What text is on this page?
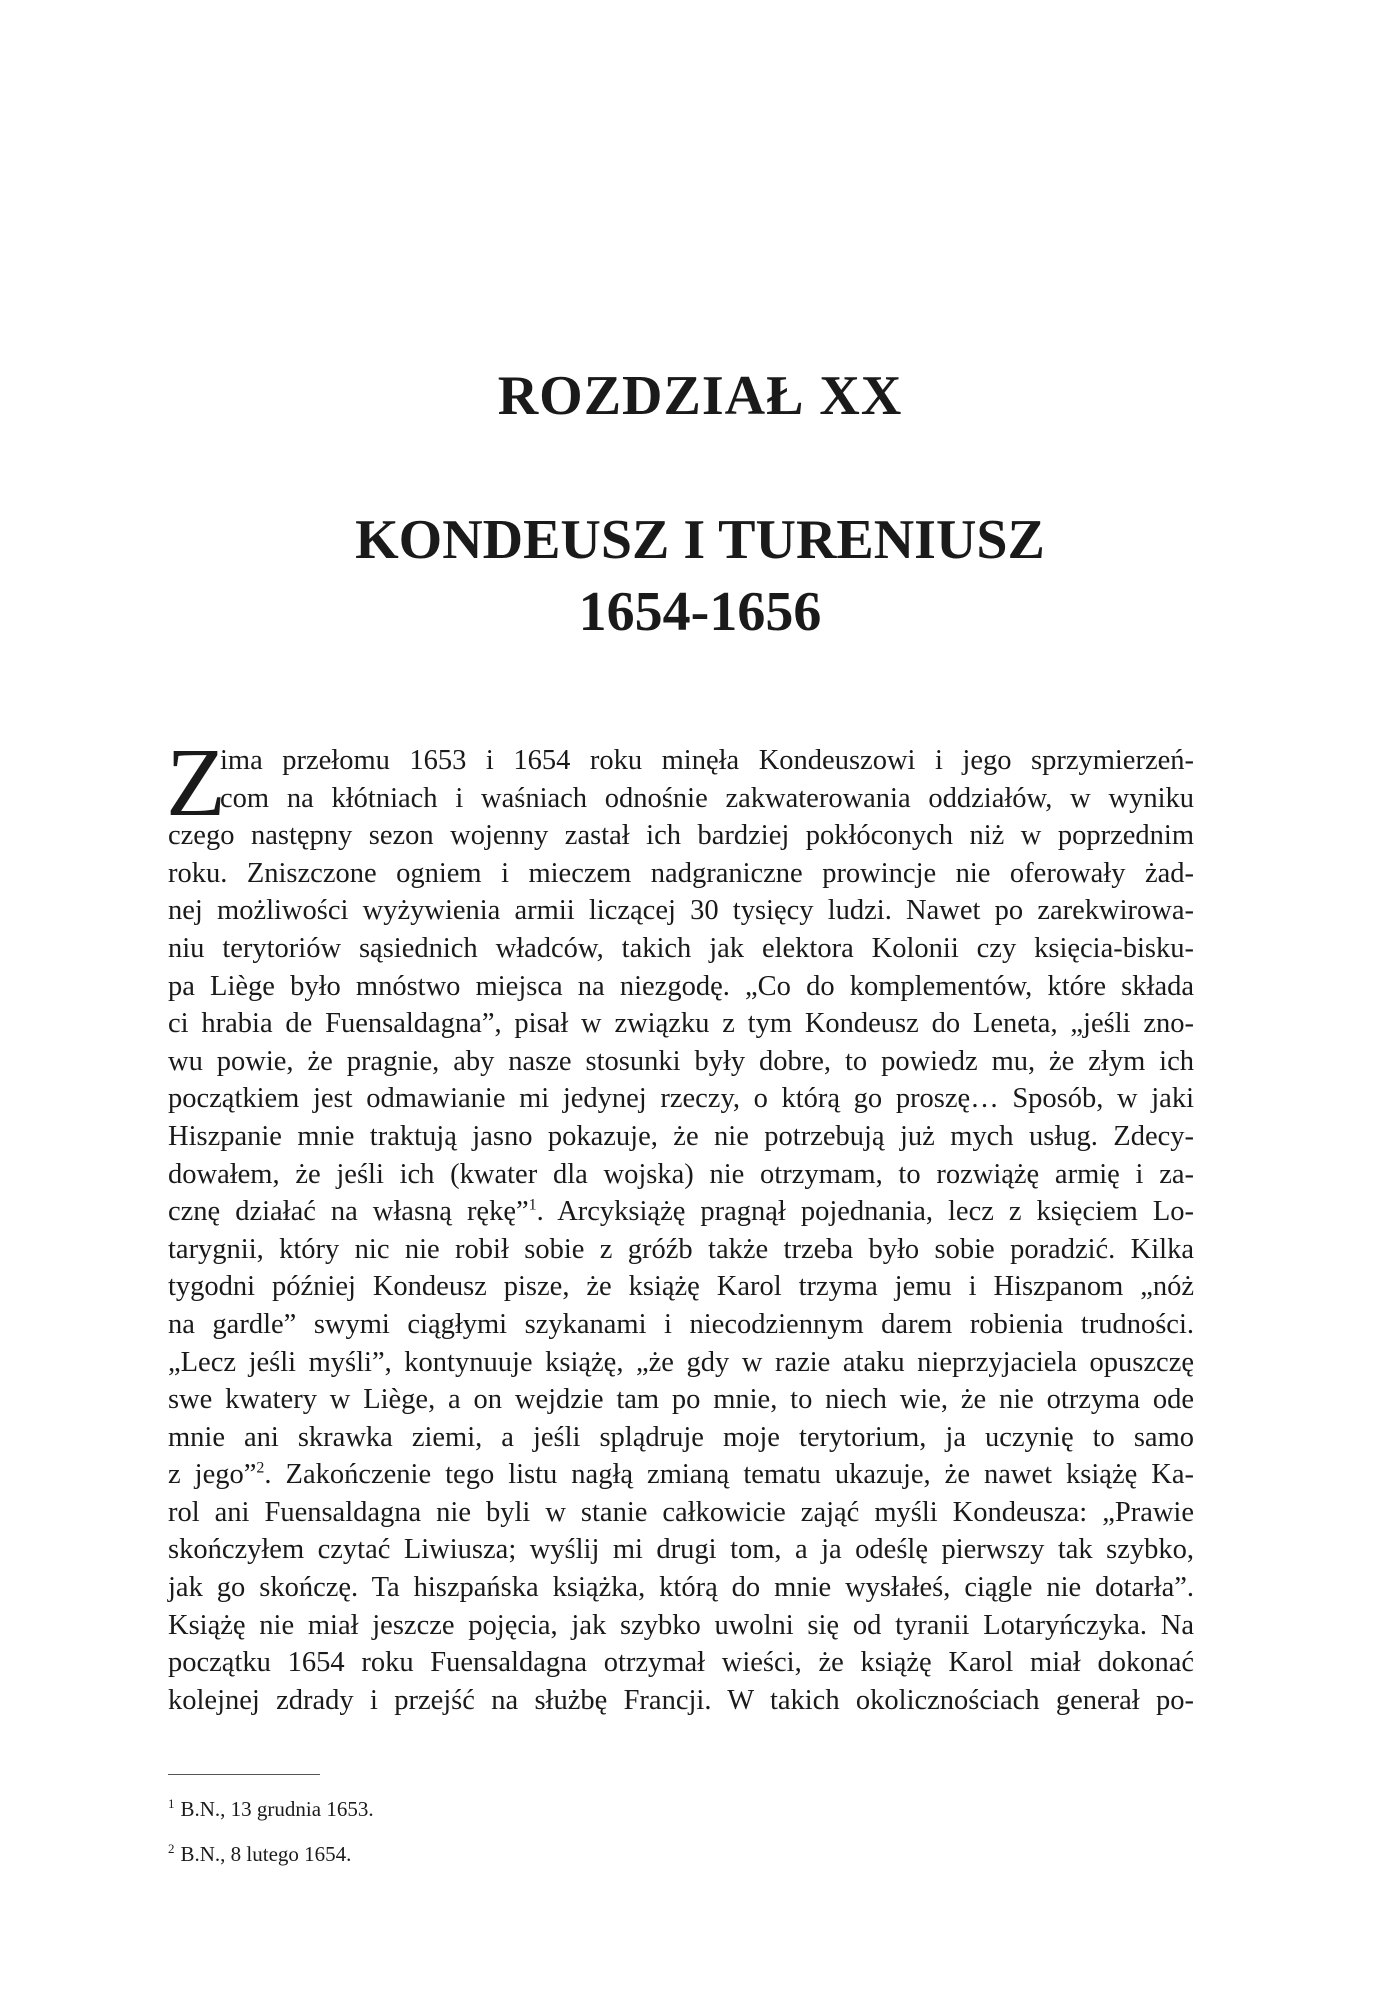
ROZDZIAŁ XX
KONDEUSZ I TURENIUSZ
1654-1656
Z
ima przełomu 1653 i 1654 roku minęła Kondeuszowi i jego sprzymierzeń-
com na kłótniach i waśniach odnośnie zakwaterowania oddziałów, w wyniku
czego następny sezon wojenny zastał ich bardziej pokłóconych niż w poprzednim
roku. Zniszczone ogniem i mieczem nadgraniczne prowincje nie oferowały żad-
nej możliwości wyżywienia armii liczącej 30 tysięcy ludzi. Nawet po zarekwirowa-
niu terytoriów sąsiednich władców, takich jak elektora Kolonii czy księcia-bisku-
pa Liège było mnóstwo miejsca na niezgodę. „Co do komplementów, które składa
ci hrabia de Fuensaldagna”, pisał w związku z tym Kondeusz do Leneta, „jeśli zno-
wu powie, że pragnie, aby nasze stosunki były dobre, to powiedz mu, że złym ich
początkiem jest odmawianie mi jedynej rzeczy, o którą go proszę… Sposób, w jaki
Hiszpanie mnie traktują jasno pokazuje, że nie potrzebują już mych usług. Zdecy-
dowałem, że jeśli ich (kwater dla wojska) nie otrzymam, to rozwiążę armię i za-
cznę działać na własną rękę”$^1$. Arcyksiążę pragnął pojednania, lecz z księciem Lo-
tarygnii, który nic nie robił sobie z gróźb także trzeba było sobie poradzić. Kilka
tygodni później Kondeusz pisze, że książę Karol trzyma jemu i Hiszpanom „nóż
na gardle” swymi ciągłymi szykanami i niecodziennym darem robienia trudności.
„Lecz jeśli myśli”, kontynuuje książę, „że gdy w razie ataku nieprzyjaciela opuszczę
swe kwatery w Liège, a on wejdzie tam po mnie, to niech wie, że nie otrzyma ode
mnie ani skrawka ziemi, a jeśli splądruje moje terytorium, ja uczynię to samo
z jego”$^2$. Zakończenie tego listu nagłą zmianą tematu ukazuje, że nawet książę Ka-
rol ani Fuensaldagna nie byli w stanie całkowicie zająć myśli Kondeusza: „Prawie
skończyłem czytać Liwiusza; wyślij mi drugi tom, a ja odeślę pierwszy tak szybko,
jak go skończę. Ta hiszpańska książka, którą do mnie wysłałeś, ciągle nie dotarła”.
Książę nie miał jeszcze pojęcia, jak szybko uwolni się od tyranii Lotaryńczyka. Na
początku 1654 roku Fuensaldagna otrzymał wieści, że książę Karol miał dokonać
kolejnej zdrady i przejść na służbę Francji. W takich okolicznościach generał po-
$^1$ B.N., 13 grudnia 1653.
$^2$ B.N., 8 lutego 1654.
